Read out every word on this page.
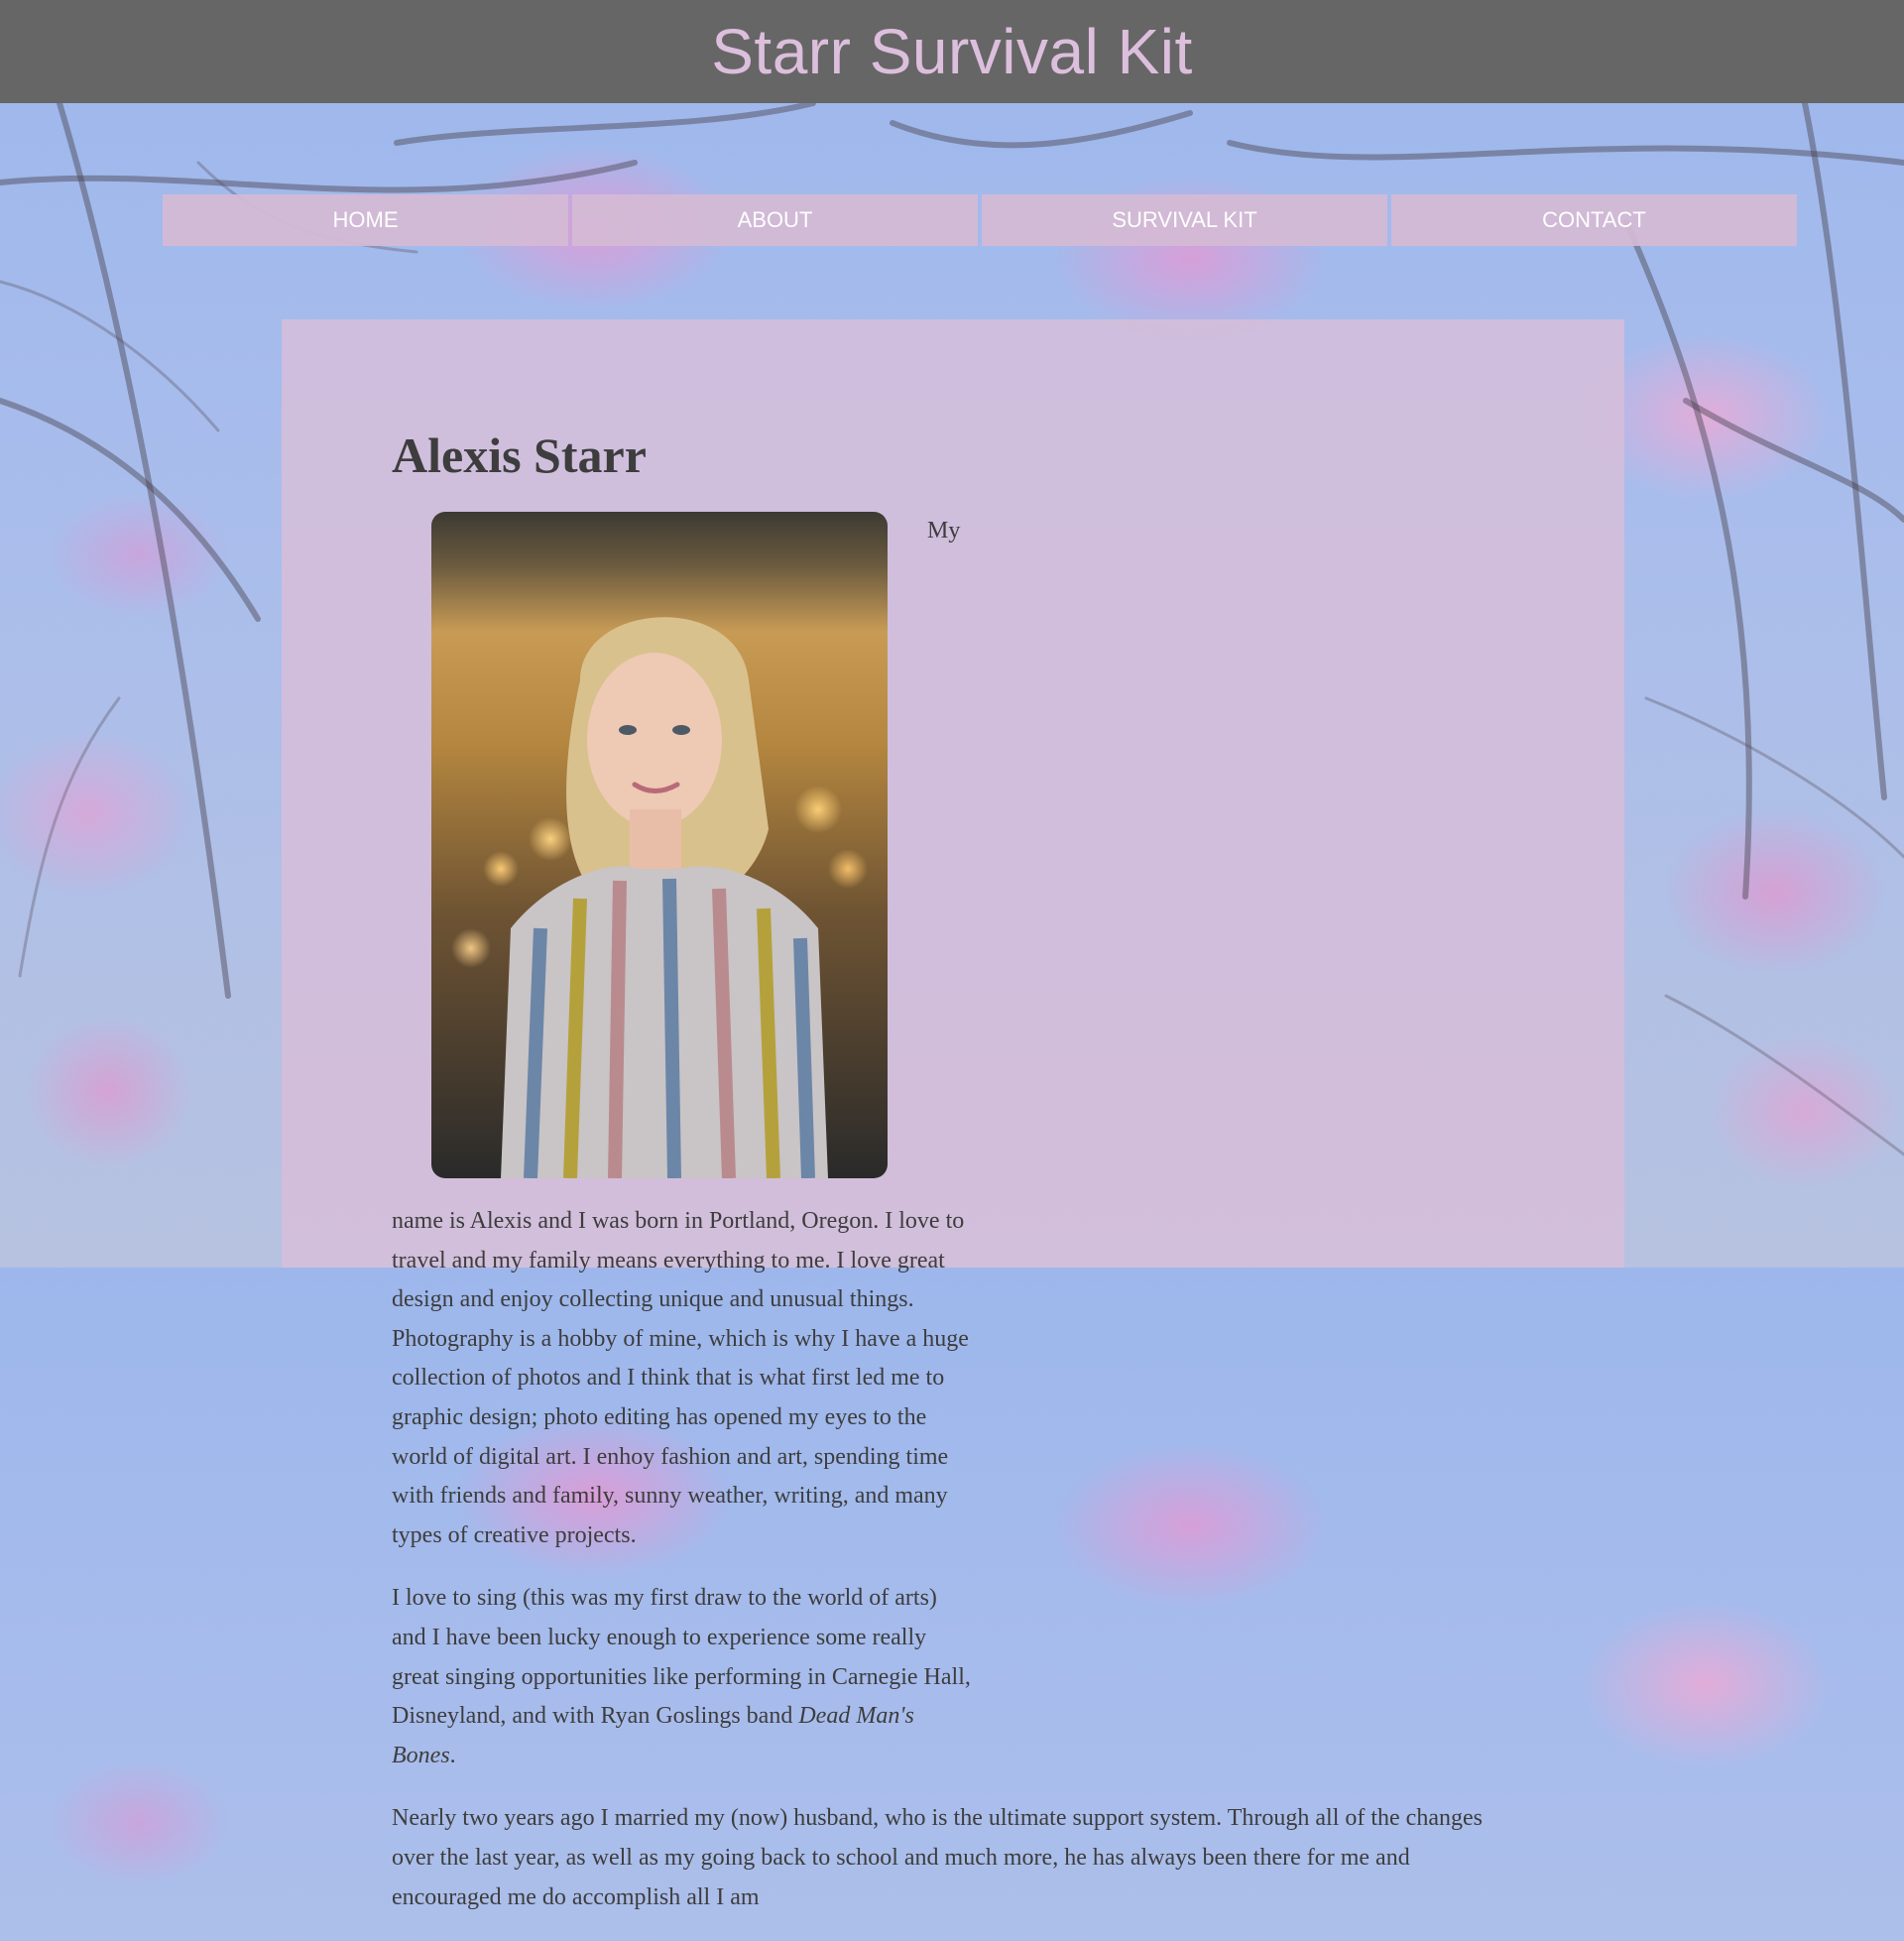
Starr Survival Kit
HOME	ABOUT	SURVIVAL KIT	CONTACT
Alexis Starr

My name is Alexis and I was born in Portland, Oregon. I love to travel and my family means everything to me. I love great design and enjoy collecting unique and unusual things. Photography is a hobby of mine, which is why I have a huge collection of photos and I think that is what first led me to graphic design; photo editing has opened my eyes to the world of digital art. I enhoy fashion and art, spending time with friends and family, sunny weather, writing, and many types of creative projects.

I love to sing (this was my first draw to the world of arts) and I have been lucky enough to experience some really great singing opportunities like performing in Carnegie Hall, Disneyland, and with Ryan Goslings band Dead Man's Bones.

Nearly two years ago I married my (now) husband, who is the ultimate support system. Through all of the changes over the last year, as well as my going back to school and much more, he has always been there for me and encouraged me do accomplish all I am
